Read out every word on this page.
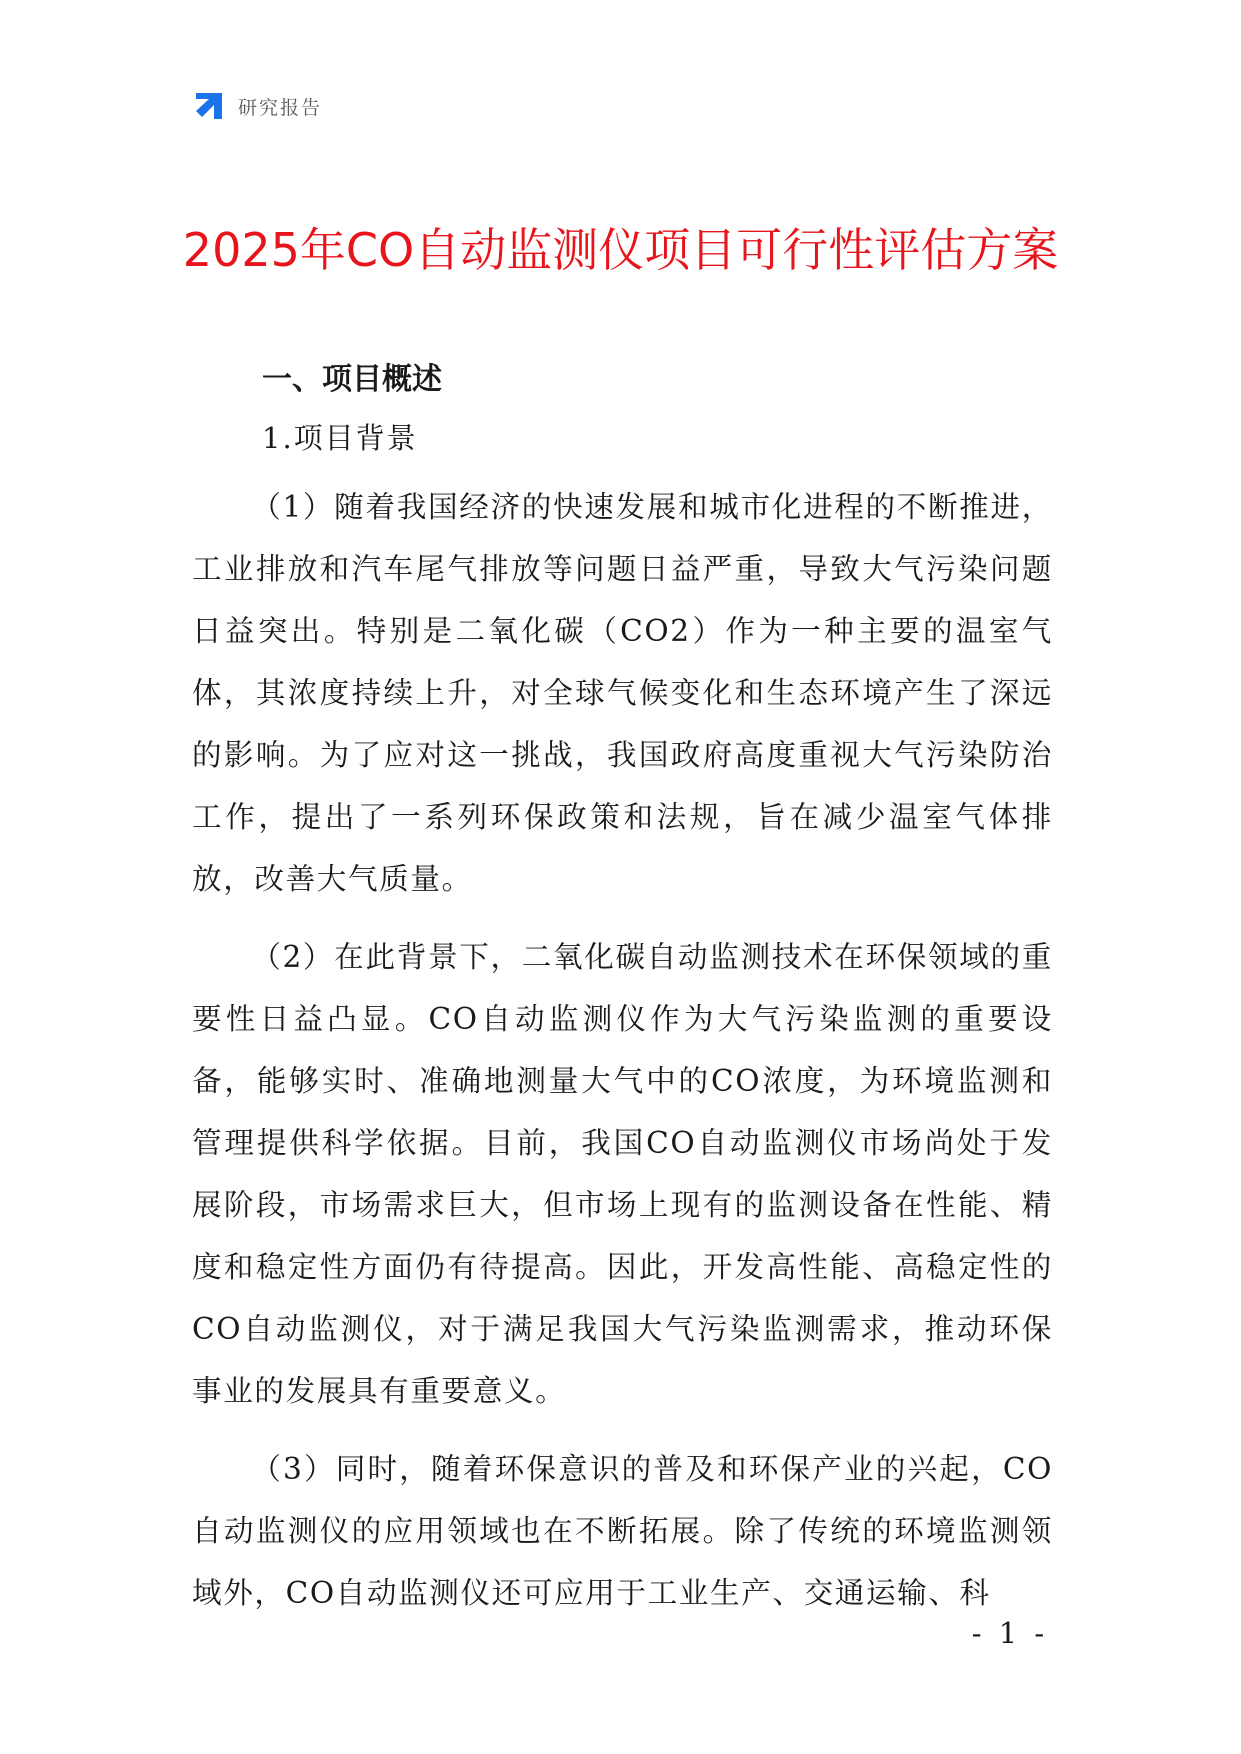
研究报告
2025年CO自动监测仪项目可行性评估方案
一、项目概述

1.项目背景

（1）随着我国经济的快速发展和城市化进程的不断推进，工业排放和汽车尾气排放等问题日益严重，导致大气污染问题日益突出。特别是二氧化碳（CO2）作为一种主要的温室气体，其浓度持续上升，对全球气候变化和生态环境产生了深远的影响。为了应对这一挑战，我国政府高度重视大气污染防治工作，提出了一系列环保政策和法规，旨在减少温室气体排放，改善大气质量。

（2）在此背景下，二氧化碳自动监测技术在环保领域的重要性日益凸显。CO自动监测仪作为大气污染监测的重要设备，能够实时、准确地测量大气中的CO浓度，为环境监测和管理提供科学依据。目前，我国CO自动监测仪市场尚处于发展阶段，市场需求巨大，但市场上现有的监测设备在性能、精度和稳定性方面仍有待提高。因此，开发高性能、高稳定性的CO自动监测仪，对于满足我国大气污染监测需求，推动环保事业的发展具有重要意义。

（3）同时，随着环保意识的普及和环保产业的兴起，CO自动监测仪的应用领域也在不断拓展。除了传统的环境监测领域外，CO自动监测仪还可应用于工业生产、交通运输、科

- 1 -
